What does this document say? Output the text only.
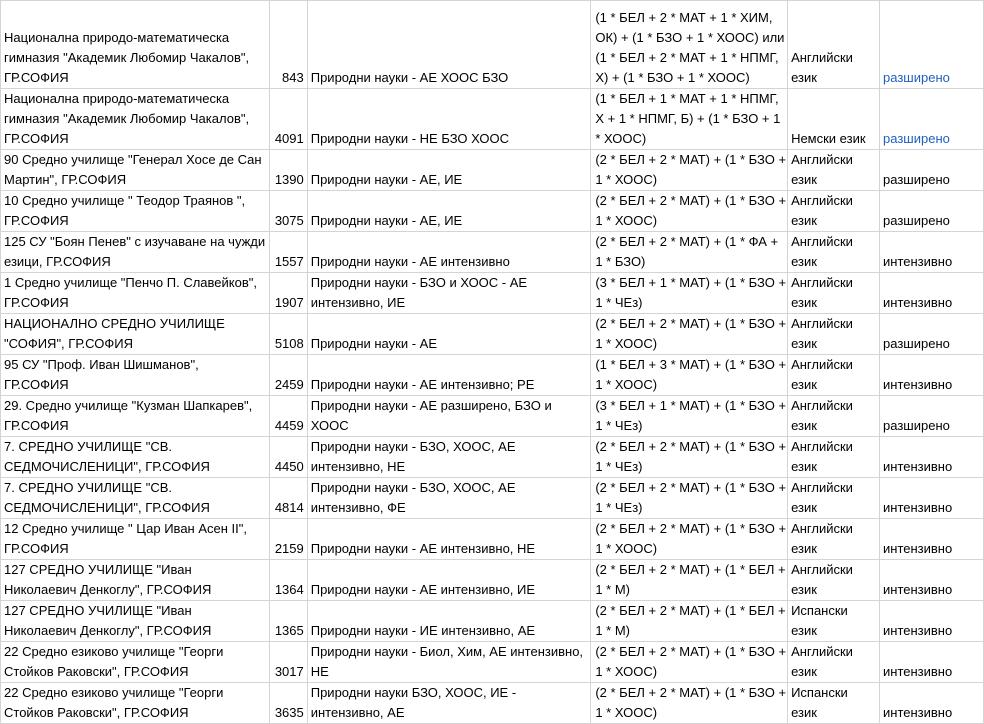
Национална природо-математическа гимназия "Академик Любомир Чакалов", ГР.СОФИЯ	843	Природни науки - АЕ ХООС БЗО	(1 * БЕЛ + 2 * МАТ + 1 * ХИМ, ОК) + (1 * БЗО + 1 * ХООС) или (1 * БЕЛ + 2 * МАТ + 1 * НПМГ, Х) + (1 * БЗО + 1 * ХООС)	Английски език	разширено
Национална природо-математическа гимназия "Академик Любомир Чакалов", ГР.СОФИЯ	4091	Природни науки - НЕ БЗО ХООС	(1 * БЕЛ + 1 * МАТ + 1 * НПМГ, Х + 1 * НПМГ, Б) + (1 * БЗО + 1 * ХООС)	Немски език	разширено
90 Средно училище "Генерал Хосе де Сан Мартин", ГР.СОФИЯ	1390	Природни науки - АЕ, ИЕ	(2 * БЕЛ + 2 * МАТ) + (1 * БЗО + 1 * ХООС)	Английски език	разширено
10 Средно училище " Теодор Траянов ", ГР.СОФИЯ	3075	Природни науки - АЕ, ИЕ	(2 * БЕЛ + 2 * МАТ) + (1 * БЗО + 1 * ХООС)	Английски език	разширено
125 СУ "Боян Пенев" с изучаване на чужди езици, ГР.СОФИЯ	1557	Природни науки - АЕ интензивно	(2 * БЕЛ + 2 * МАТ) + (1 * ФА + 1 * БЗО)	Английски език	интензивно
1 Средно училище "Пенчо П. Славейков", ГР.СОФИЯ	1907	Природни науки - БЗО и ХООС - АЕ интензивно, ИЕ	(3 * БЕЛ + 1 * МАТ) + (1 * БЗО + 1 * ЧЕз)	Английски език	интензивно
НАЦИОНАЛНО СРЕДНО УЧИЛИЩЕ "СОФИЯ", ГР.СОФИЯ	5108	Природни науки - АЕ	(2 * БЕЛ + 2 * МАТ) + (1 * БЗО + 1 * ХООС)	Английски език	разширено
95 СУ "Проф. Иван Шишманов", ГР.СОФИЯ	2459	Природни науки - АЕ интензивно; РЕ	(1 * БЕЛ + 3 * МАТ) + (1 * БЗО + 1 * ХООС)	Английски език	интензивно
29. Средно училище "Кузман Шапкарев", ГР.СОФИЯ	4459	Природни науки - АЕ разширено, БЗО и ХООС	(3 * БЕЛ + 1 * МАТ) + (1 * БЗО + 1 * ЧЕз)	Английски език	разширено
7. СРЕДНО УЧИЛИЩЕ "СВ. СЕДМОЧИСЛЕНИЦИ", ГР.СОФИЯ	4450	Природни науки - БЗО, ХООС, АЕ интензивно, НЕ	(2 * БЕЛ + 2 * МАТ) + (1 * БЗО + 1 * ЧЕз)	Английски език	интензивно
7. СРЕДНО УЧИЛИЩЕ "СВ. СЕДМОЧИСЛЕНИЦИ", ГР.СОФИЯ	4814	Природни науки - БЗО, ХООС, АЕ интензивно, ФЕ	(2 * БЕЛ + 2 * МАТ) + (1 * БЗО + 1 * ЧЕз)	Английски език	интензивно
12 Средно училище " Цар Иван Асен II", ГР.СОФИЯ	2159	Природни науки - АЕ интензивно, НЕ	(2 * БЕЛ + 2 * МАТ) + (1 * БЗО + 1 * ХООС)	Английски език	интензивно
127 СРЕДНО УЧИЛИЩЕ "Иван Николаевич Денкоглу", ГР.СОФИЯ	1364	Природни науки - АЕ интензивно, ИЕ	(2 * БЕЛ + 2 * МАТ) + (1 * БЕЛ + 1 * М)	Английски език	интензивно
127 СРЕДНО УЧИЛИЩЕ "Иван Николаевич Денкоглу", ГР.СОФИЯ	1365	Природни науки - ИЕ интензивно, АЕ	(2 * БЕЛ + 2 * МАТ) + (1 * БЕЛ + 1 * М)	Испански език	интензивно
22 Средно езиково училище "Георги Стойков Раковски", ГР.СОФИЯ	3017	Природни науки - Биол, Хим, АЕ интензивно, НЕ	(2 * БЕЛ + 2 * МАТ) + (1 * БЗО + 1 * ХООС)	Английски език	интензивно
22 Средно езиково училище "Георги Стойков Раковски", ГР.СОФИЯ	3635	Природни науки БЗО, ХООС, ИЕ - интензивно, АЕ	(2 * БЕЛ + 2 * МАТ) + (1 * БЗО + 1 * ХООС)	Испански език	интензивно
